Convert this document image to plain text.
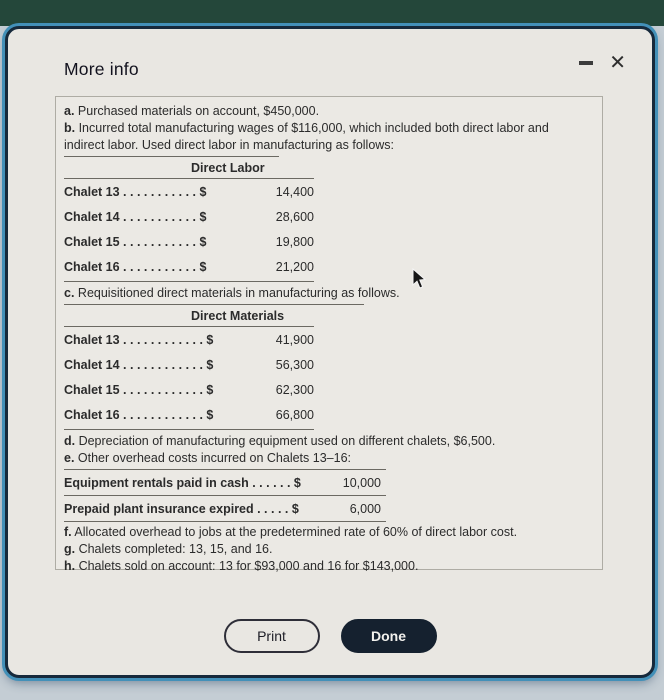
More info	✕

a. Purchased materials on account, $450,000.

b. Incurred total manufacturing wages of $116,000, which included both direct labor and indirect labor. Used direct labor in manufacturing as follows:

Direct Labor
Chalet 13 . . . . . . . . . . . $	14,400
Chalet 14 . . . . . . . . . . . $	28,600
Chalet 15 . . . . . . . . . . . $	19,800
Chalet 16 . . . . . . . . . . . $	21,200

c. Requisitioned direct materials in manufacturing as follows.

Direct Materials
Chalet 13 . . . . . . . . . . . . $	41,900
Chalet 14 . . . . . . . . . . . . $	56,300
Chalet 15 . . . . . . . . . . . . $	62,300
Chalet 16 . . . . . . . . . . . . $	66,800

d. Depreciation of manufacturing equipment used on different chalets, $6,500.

e. Other overhead costs incurred on Chalets 13–16:

Equipment rentals paid in cash . . . . . . $	10,000
Prepaid plant insurance expired . . . . . $	6,000

f. Allocated overhead to jobs at the predetermined rate of 60% of direct labor cost.

g. Chalets completed: 13, 15, and 16.

h. Chalets sold on account: 13 for $93,000 and 16 for $143,000.

Print	Done
